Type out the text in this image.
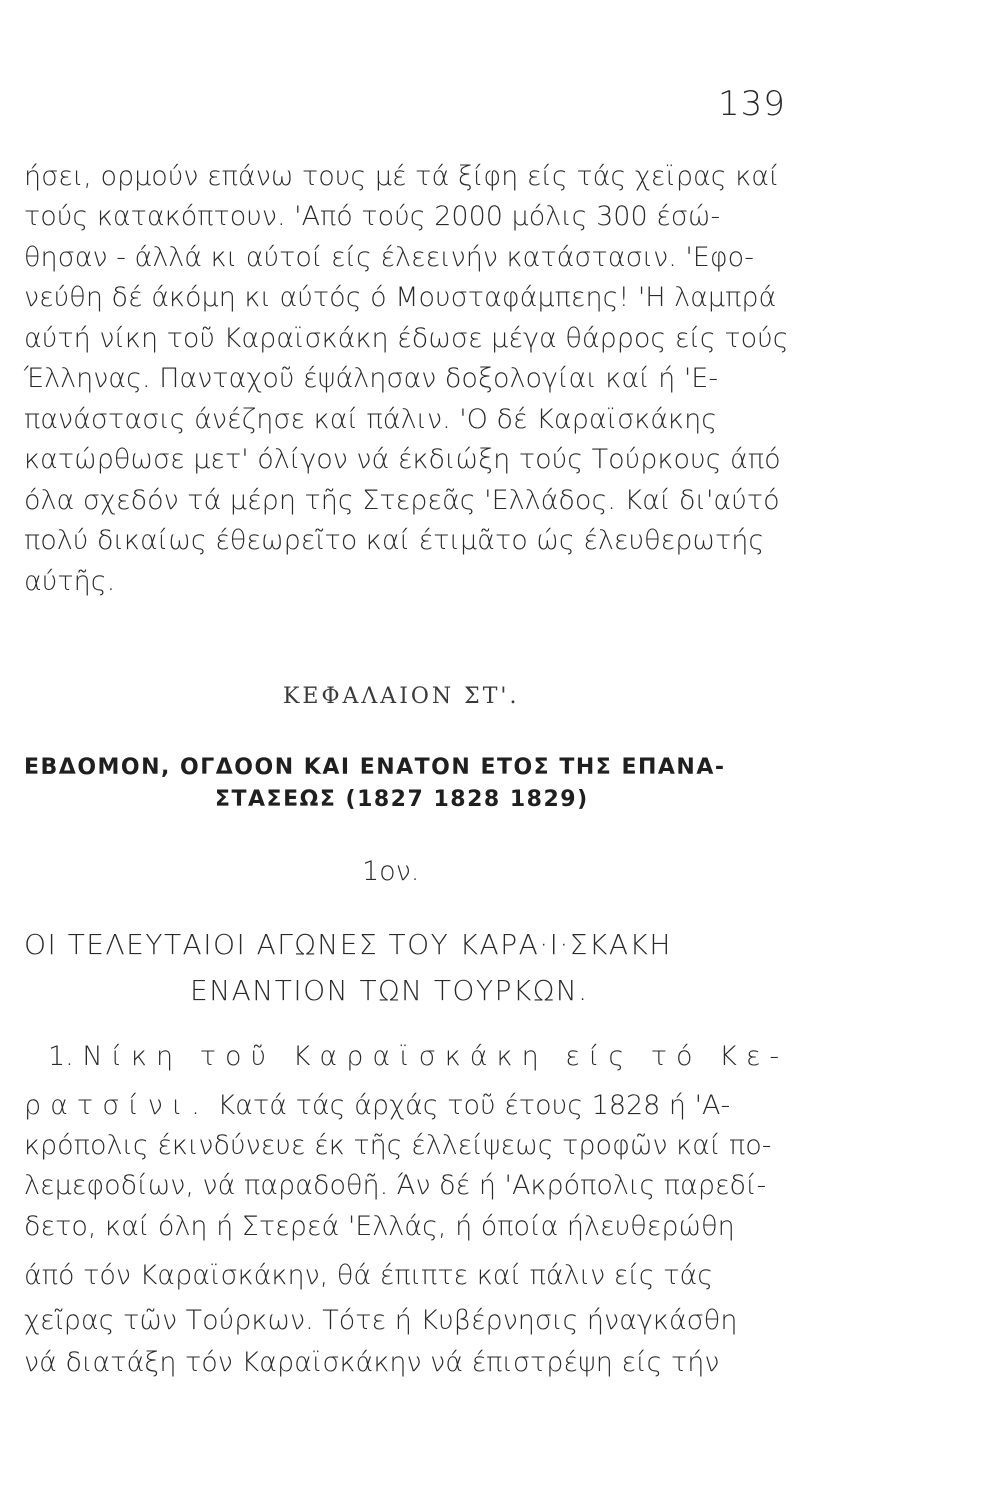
139
ήσει, ορμούν επάνω τους μέ τά ξίφη είς τάς χεϊρας καί
τούς κατακόπτουν. 'Από τούς 2000 μόλις 300 έσώ-
θησαν - άλλά κι αύτοί είς έλεεινήν κατάστασιν. 'Εφο-
νεύθη δέ άκόμη κι αύτός ό Μουσταφάμπεης! 'Η λαμπρά
αύτή νίκη τοῦ Καραϊσκάκη έδωσε μέγα θάρρος είς τούς
Έλληνας. Πανταχοῦ έψάλησαν δοξολογίαι καί ή 'Ε-
πανάστασις άνέζησε καί πάλιν. 'Ο δέ Καραϊσκάκης
κατώρθωσε μετ' όλίγον νά έκδιώξη τούς Τούρκους άπό
όλα σχεδόν τά μέρη τῆς Στερεᾶς 'Ελλάδος. Καί δι'αύτό
πολύ δικαίως έθεωρεῖτο καί έτιμᾶτο ώς έλευθερωτής
αύτῆς.
ΚΕΦΑΛΑΙΟΝ ΣΤ'.
ΕΒΔΟΜΟΝ, ΟΓΔΟΟΝ ΚΑΙ ΕΝΑΤΟΝ ΕΤΟΣ ΤΗΣ ΕΠΑΝΑ-
ΣΤΑΣΕΩΣ (1827 1828 1829)
1ον.
ΟΙ ΤΕΛΕΥΤΑΙΟΙ ΑΓΩΝΕΣ ΤΟΥ ΚΑΡΑ·Ι·ΣΚΑΚΗ
ΕΝΑΝΤΙΟΝ ΤΩΝ ΤΟΥΡΚΩΝ.
1. Νίκη τοῦ Καραϊσκάκη είς τό Κε-
ρατσίνι. Κατά τάς άρχάς τοῦ έτους 1828 ή 'Α-
κρόπολις έκινδύνευε έκ τῆς έλλείψεως τροφῶν καί πο-
λεμεφοδίων, νά παραδοθῆ. Άν δέ ή 'Ακρόπολις παρεδί-
δετο, καί όλη ή Στερεά 'Ελλάς, ή όποία ήλευθερώθη
άπό τόν Καραϊσκάκην, θά έπιπτε καί πάλιν είς τάς
χεῖρας τῶν Τούρκων. Τότε ή Κυβέρνησις ήναγκάσθη
νά διατάξη τόν Καραϊσκάκην νά έπιστρέψη είς τήν
